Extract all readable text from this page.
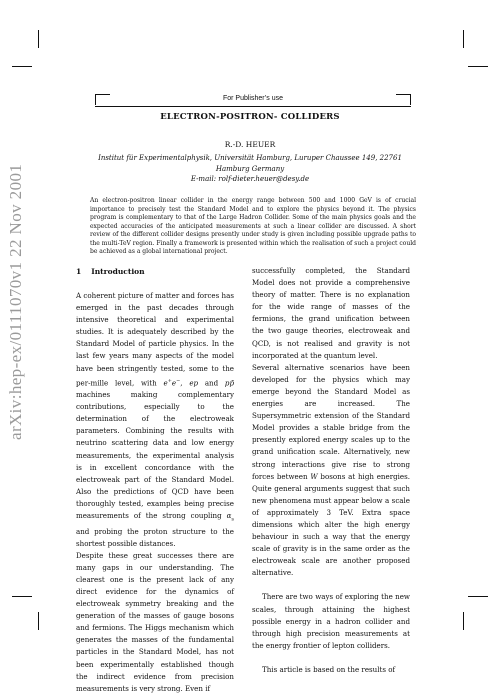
arXiv:hep-ex/0111070v1 22 Nov 2001
For Publisher’s use
ELECTRON-POSITRON- COLLIDERS
R.-D. HEUER
Institut für Experimentalphysik, Universität Hamburg, Luruper Chaussee 149, 22761
Hamburg Germany
E-mail: rolf-dieter.heuer@desy.de
An electron-positron linear collider in the energy range between 500 and 1000 GeV is of crucial importance to precisely test the Standard Model and to explore the physics beyond it. The physics program is complementary to that of the Large Hadron Collider. Some of the main physics goals and the expected accuracies of the anticipated measurements at such a linear collider are discussed. A short review of the different collider designs presently under study is given including possible upgrade paths to the multi-TeV region. Finally a framework is presented within which the realisation of such a project could be achieved as a global international project.
1 Introduction

A coherent picture of matter and forces has emerged in the past decades through intensive theoretical and experimental studies. It is adequately described by the Standard Model of particle physics. In the last few years many aspects of the model have been stringently tested, some to the per-mille level, with e+e−, ep and pp̄ machines making complementary contributions, especially to the determination of the electroweak parameters. Combining the results with neutrino scattering data and low energy measurements, the experimental analysis is in excellent concordance with the electroweak part of the Standard Model. Also the predictions of QCD have been thoroughly tested, examples being precise measurements of the strong coupling $\alpha_s$ and probing the proton structure to the shortest possible distances.

Despite these great successes there are many gaps in our understanding. The clearest one is the present lack of any direct evidence for the dynamics of electroweak symmetry breaking and the generation of the masses of gauge bosons and fermions. The Higgs mechanism which generates the masses of the fundamental particles in the Standard Model, has not been experimentally established though the indirect evidence from precision measurements is very strong. Even if

successfully completed, the Standard Model does not provide a comprehensive theory of matter. There is no explanation for the wide range of masses of the fermions, the grand unification between the two gauge theories, electroweak and QCD, is not realised and gravity is not incorporated at the quantum level.

Several alternative scenarios have been developed for the physics which may emerge beyond the Standard Model as energies are increased. The Supersymmetric extension of the Standard Model provides a stable bridge from the presently explored energy scales up to the grand unification scale. Alternatively, new strong interactions give rise to strong forces between W bosons at high energies. Quite general arguments suggest that such new phenomena must appear below a scale of approximately 3 TeV. Extra space dimensions which alter the high energy behaviour in such a way that the energy scale of gravity is in the same order as the electroweak scale are another proposed alternative.

There are two ways of exploring the new scales, through attaining the highest possible energy in a hadron collider and through high precision measurements at the energy frontier of lepton colliders.

This article is based on the results of
